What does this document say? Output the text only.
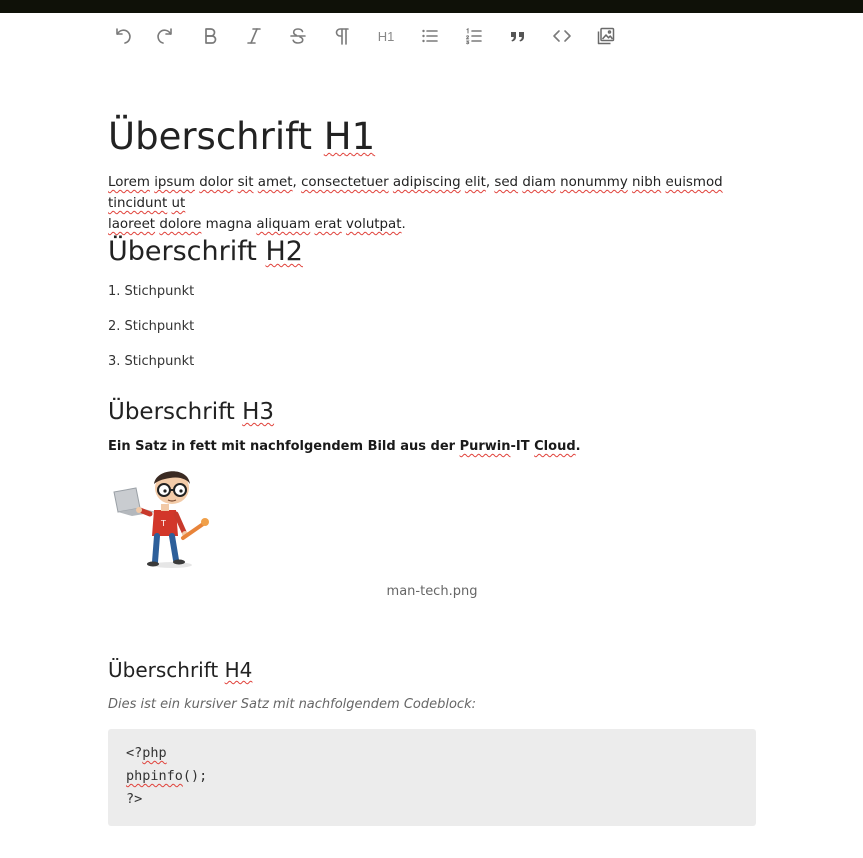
H1
Überschrift H1

Lorem ipsum dolor sit amet, consectetuer adipiscing elit, sed diam nonummy nibh euismod tincidunt ut
laoreet dolore magna aliquam erat volutpat.

Überschrift H2

1. Stichpunkt

2. Stichpunkt

3. Stichpunkt

Überschrift H3

Ein Satz in fett mit nachfolgendem Bild aus der Purwin-IT Cloud.

T
man-tech.png
Überschrift H4

Dies ist ein kursiver Satz mit nachfolgendem Codeblock:

<?php
phpinfo();
?>
